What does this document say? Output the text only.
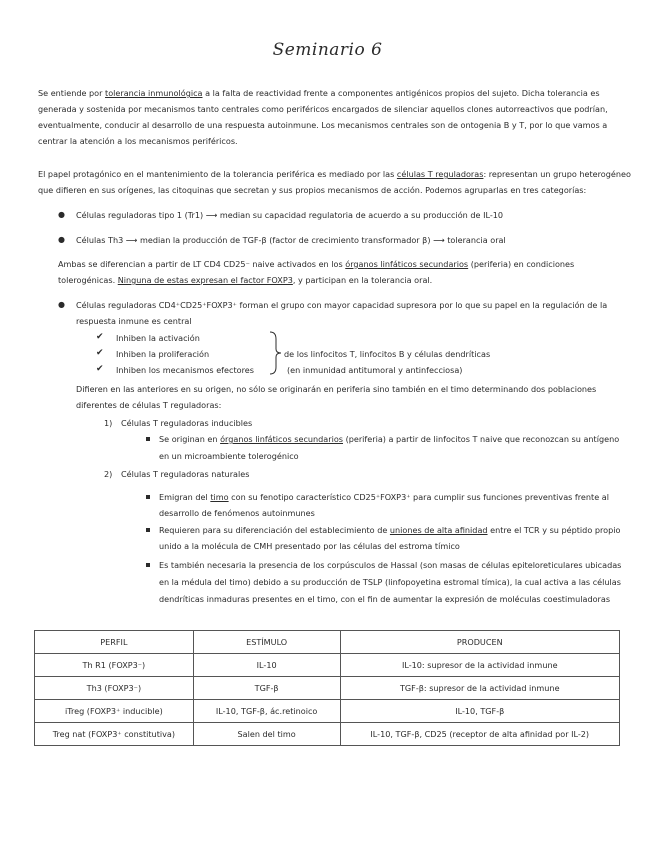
Seminario 6
Se entiende por tolerancia inmunológica a la falta de reactividad frente a componentes antigénicos propios del sujeto. Dicha tolerancia es
generada y sostenida por mecanismos tanto centrales como periféricos encargados de silenciar aquellos clones autorreactivos que podrían,
eventualmente, conducir al desarrollo de una respuesta autoinmune. Los mecanismos centrales son de ontogenia B y T, por lo que vamos a
centrar la atención a los mecanismos periféricos.
El papel protagónico en el mantenimiento de la tolerancia periférica es mediado por las células T reguladoras: representan un grupo heterogéneo
que difieren en sus orígenes, las citoquinas que secretan y sus propios mecanismos de acción. Podemos agruparlas en tres categorías:
● Células reguladoras tipo 1 (Tr1) ⟶ median su capacidad regulatoria de acuerdo a su producción de IL-10
● Células Th3 ⟶ median la producción de TGF-β (factor de crecimiento transformador β) ⟶ tolerancia oral
Ambas se diferencian a partir de LT CD4 CD25⁻ naive activados en los órganos linfáticos secundarios (periferia) en condiciones
tolerogénicas. Ninguna de estas expresan el factor FOXP3, y participan en la tolerancia oral.
● Células reguladoras CD4⁺CD25⁺FOXP3⁺ forman el grupo con mayor capacidad supresora por lo que su papel en la regulación de la
respuesta inmune es central
✔ Inhiben la activación
✔ Inhiben la proliferación
✔ Inhiben los mecanismos efectores
de los linfocitos T, linfocitos B y células dendríticas
(en inmunidad antitumoral y antinfecciosa)
Difieren en las anteriores en su origen, no sólo se originarán en periferia sino también en el timo determinando dos poblaciones
diferentes de células T reguladoras:
1) Células T reguladoras inducibles
Se originan en órganos linfáticos secundarios (periferia) a partir de linfocitos T naive que reconozcan su antígeno
en un microambiente tolerogénico
2) Células T reguladoras naturales
Emigran del timo con su fenotipo característico CD25⁺FOXP3⁺ para cumplir sus funciones preventivas frente al
desarrollo de fenómenos autoinmunes
Requieren para su diferenciación del establecimiento de uniones de alta afinidad entre el TCR y su péptido propio
unido a la molécula de CMH presentado por las células del estroma tímico
Es también necesaria la presencia de los corpúsculos de Hassal (son masas de células epiteloreticulares ubicadas
en la médula del timo) debido a su producción de TSLP (linfopoyetina estromal tímica), la cual activa a las células
dendríticas inmaduras presentes en el timo, con el fin de aumentar la expresión de moléculas coestimuladoras
PERFIL	ESTÍMULO	PRODUCEN
Th R1 (FOXP3⁻)	IL-10	IL-10: supresor de la actividad inmune
Th3 (FOXP3⁻)	TGF-β	TGF-β: supresor de la actividad inmune
iTreg (FOXP3⁺ inducible)	IL-10, TGF-β, ác.retinoico	IL-10, TGF-β
Treg nat (FOXP3⁺ constitutiva)	Salen del timo	IL-10, TGF-β, CD25 (receptor de alta afinidad por IL-2)
